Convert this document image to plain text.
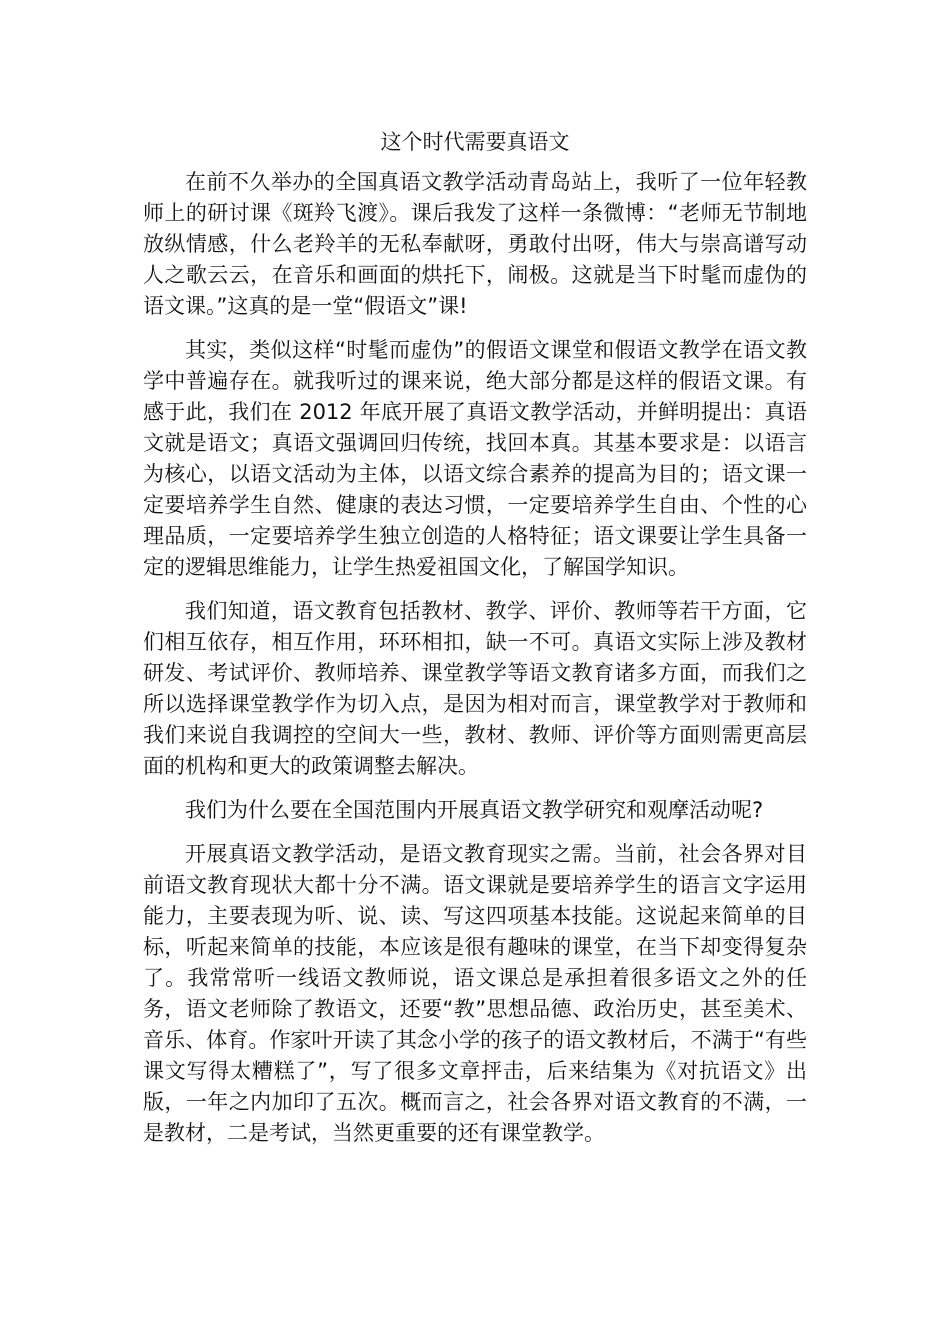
这个时代需要真语文

在前不久举办的全国真语文教学活动青岛站上，我听了一位年轻教师上的研讨课《斑羚飞渡》。课后我发了这样一条微博：“老师无节制地放纵情感，什么老羚羊的无私奉献呀，勇敢付出呀，伟大与崇高谱写动人之歌云云，在音乐和画面的烘托下，闹极。这就是当下时髦而虚伪的语文课。”这真的是一堂“假语文”课!

其实，类似这样“时髦而虚伪”的假语文课堂和假语文教学在语文教学中普遍存在。就我听过的课来说，绝大部分都是这样的假语文课。有感于此，我们在 2012 年底开展了真语文教学活动，并鲜明提出：真语文就是语文；真语文强调回归传统，找回本真。其基本要求是：以语言为核心，以语文活动为主体，以语文综合素养的提高为目的；语文课一定要培养学生自然、健康的表达习惯，一定要培养学生自由、个性的心理品质，一定要培养学生独立创造的人格特征；语文课要让学生具备一定的逻辑思维能力，让学生热爱祖国文化，了解国学知识。

我们知道，语文教育包括教材、教学、评价、教师等若干方面，它们相互依存，相互作用，环环相扣，缺一不可。真语文实际上涉及教材研发、考试评价、教师培养、课堂教学等语文教育诸多方面，而我们之所以选择课堂教学作为切入点，是因为相对而言，课堂教学对于教师和我们来说自我调控的空间大一些，教材、教师、评价等方面则需更高层面的机构和更大的政策调整去解决。

我们为什么要在全国范围内开展真语文教学研究和观摩活动呢?

开展真语文教学活动，是语文教育现实之需。当前，社会各界对目前语文教育现状大都十分不满。语文课就是要培养学生的语言文字运用能力，主要表现为听、说、读、写这四项基本技能。这说起来简单的目标，听起来简单的技能，本应该是很有趣味的课堂，在当下却变得复杂了。我常常听一线语文教师说，语文课总是承担着很多语文之外的任务，语文老师除了教语文，还要“教”思想品德、政治历史，甚至美术、音乐、体育。作家叶开读了其念小学的孩子的语文教材后，不满于“有些课文写得太糟糕了”，写了很多文章抨击，后来结集为《对抗语文》出版，一年之内加印了五次。概而言之，社会各界对语文教育的不满，一是教材，二是考试，当然更重要的还有课堂教学。
